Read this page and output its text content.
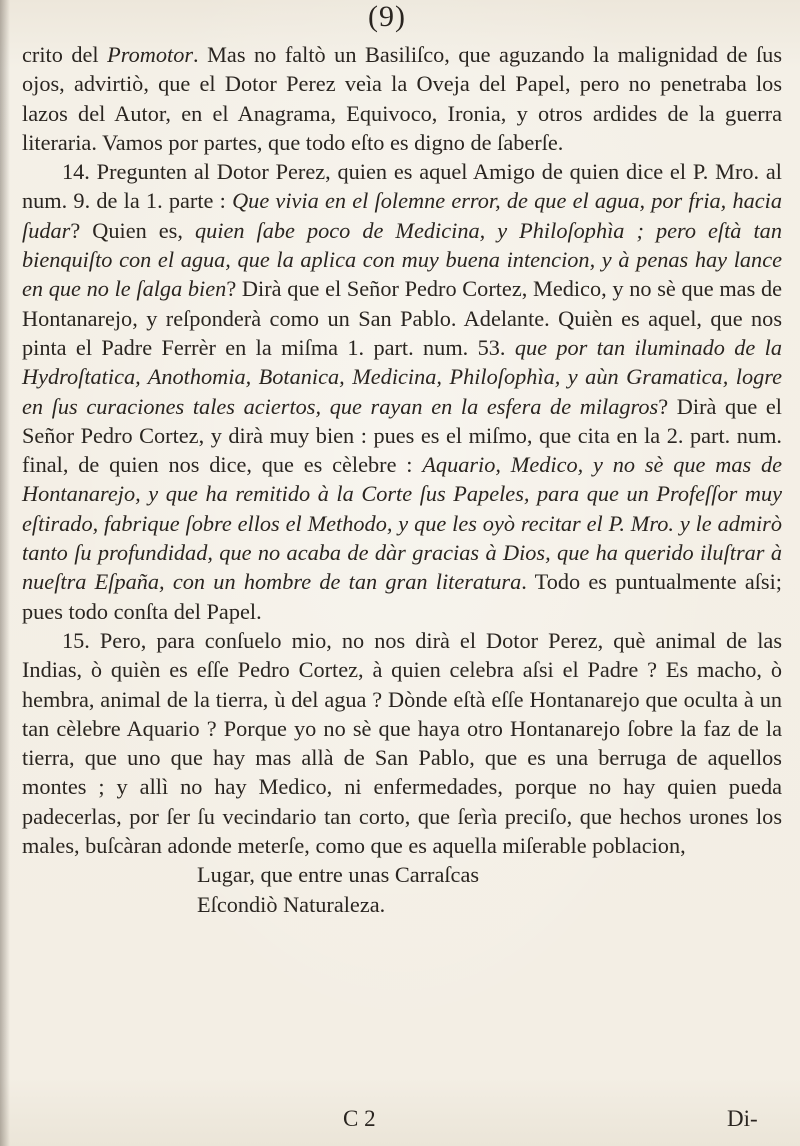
(9)

crito del Promotor. Mas no faltò un Basiliſco, que aguzando la malignidad de ſus ojos, advirtiò, que el Dotor Perez veìa la Oveja del Papel, pero no penetraba los lazos del Autor, en el Anagrama, Equivoco, Ironia, y otros ardides de la guerra literaria. Vamos por partes, que todo eſto es digno de ſaberſe.

14. Pregunten al Dotor Perez, quien es aquel Amigo de quien dice el P. Mro. al num. 9. de la 1. parte : Que vivia en el ſolemne error, de que el agua, por fria, hacia ſudar? Quien es, quien ſabe poco de Medicina, y Philoſophìa ; pero eſtà tan bienquiſto con el agua, que la aplica con muy buena intencion, y à penas hay lance en que no le ſalga bien? Dirà que el Señor Pedro Cortez, Medico, y no sè que mas de Hontanarejo, y reſponderà como un San Pablo. Adelante. Quièn es aquel, que nos pinta el Padre Ferrèr en la miſma 1. part. num. 53. que por tan iluminado de la Hydroſtatica, Anothomia, Botanica, Medicina, Philoſophìa, y aùn Gramatica, logre en ſus curaciones tales aciertos, que rayan en la esfera de milagros? Dirà que el Señor Pedro Cortez, y dirà muy bien : pues es el miſmo, que cita en la 2. part. num. final, de quien nos dice, que es cèlebre : Aquario, Medico, y no sè que mas de Hontanarejo, y que ha remitido à la Corte ſus Papeles, para que un Profeſſor muy eſtirado, fabrique ſobre ellos el Methodo, y que les oyò recitar el P. Mro. y le admirò tanto ſu profundidad, que no acaba de dàr gracias à Dios, que ha querido iluſtrar à nueſtra Eſpaña, con un hombre de tan gran literatura. Todo es puntualmente aſsi; pues todo conſta del Papel.

15. Pero, para conſuelo mio, no nos dirà el Dotor Perez, què animal de las Indias, ò quièn es eſſe Pedro Cortez, à quien celebra aſsi el Padre ? Es macho, ò hembra, animal de la tierra, ù del agua ? Dònde eſtà eſſe Hontanarejo que oculta à un tan cèlebre Aquario ? Porque yo no sè que haya otro Hontanarejo ſobre la faz de la tierra, que uno que hay mas allà de San Pablo, que es una berruga de aquellos montes ; y allì no hay Medico, ni enfermedades, porque no hay quien pueda padecerlas, por ſer ſu vecindario tan corto, que ſerìa preciſo, que hechos urones los males, buſcàran adonde meterſe, como que es aquella miſerable poblacion,

Lugar, que entre unas Carraſcas

Eſcondiò Naturaleza.

C 2	Di-
